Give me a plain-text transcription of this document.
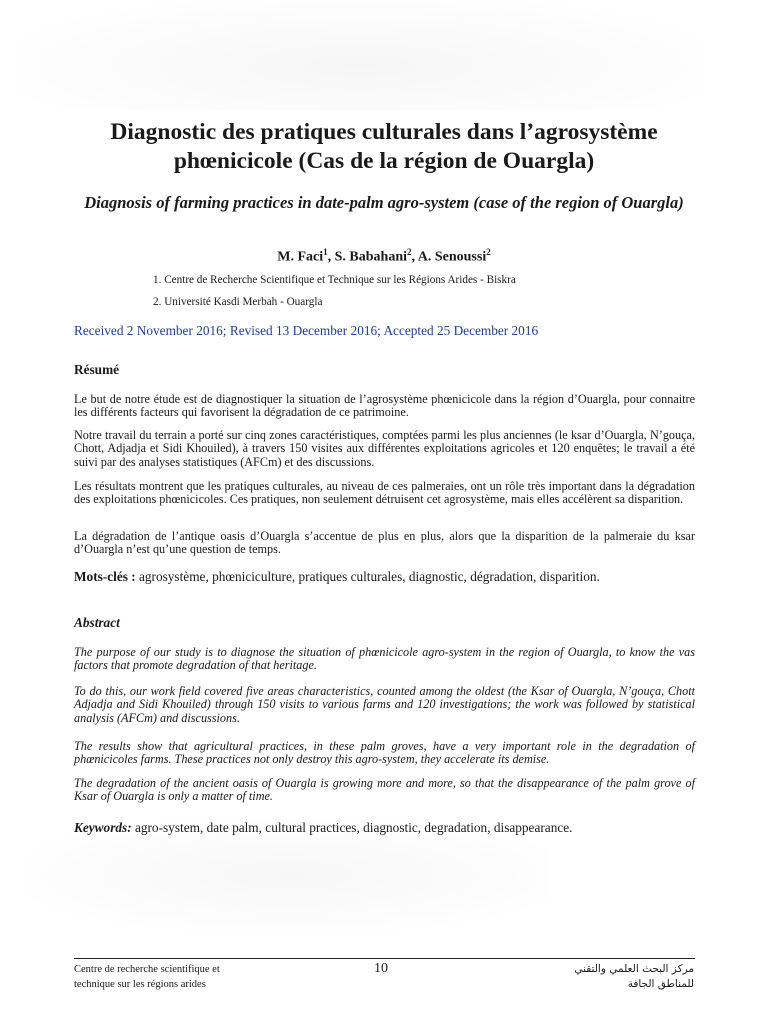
Diagnostic des pratiques culturales dans l’agrosystème phœnicicole (Cas de la région de Ouargla)

Diagnosis of farming practices in date-palm agro-system (case of the region of Ouargla)

M. Faci$^1$, S. Babahani$^2$, A. Senoussi$^2$

1. Centre de Recherche Scientifique et Technique sur les Régions Arides - Biskra

2. Université Kasdi Merbah - Ouargla

Received 2 November 2016; Revised 13 December 2016; Accepted 25 December 2016

Résumé

Le but de notre étude est de diagnostiquer la situation de l’agrosystème phœnicicole dans la région d’Ouargla, pour connaitre les différents facteurs qui favorisent la dégradation de ce patrimoine.

Notre travail du terrain a porté sur cinq zones caractéristiques, comptées parmi les plus anciennes (le ksar d’Ouargla, N’gouça, Chott, Adjadja et Sidi Khouiled), à travers 150 visites aux différentes exploitations agricoles et 120 enquêtes; le travail a été suivi par des analyses statistiques (AFCm) et des discussions.

Les résultats montrent que les pratiques culturales, au niveau de ces palmeraies, ont un rôle très important dans la dégradation des exploitations phœnicicoles. Ces pratiques, non seulement détruisent cet agrosystème, mais elles accélèrent sa disparition.

La dégradation de l’antique oasis d’Ouargla s’accentue de plus en plus, alors que la disparition de la palmeraie du ksar d’Ouargla n’est qu’une question de temps.

Mots-clés : agrosystème, phœniciculture, pratiques culturales, diagnostic, dégradation, disparition.

Abstract

The purpose of our study is to diagnose the situation of phœnicicole agro-system in the region of Ouargla, to know the vas factors that promote degradation of that heritage.

To do this, our work field covered five areas characteristics, counted among the oldest (the Ksar of Ouargla, N’gouça, Chott Adjadja and Sidi Khouiled) through 150 visits to various farms and 120 investigations; the work was followed by statistical analysis (AFCm) and discussions.

The results show that agricultural practices, in these palm groves, have a very important role in the degradation of phœnicicoles farms. These practices not only destroy this agro-system, they accelerate its demise.

The degradation of the ancient oasis of Ouargla is growing more and more, so that the disappearance of the palm grove of Ksar of Ouargla is only a matter of time.

Keywords: agro-system, date palm, cultural practices, diagnostic, degradation, disappearance.

Centre de recherche scientifique et
technique sur les régions arides

10	مركز البحث العلمي والتقني
للمناطق الجافة
